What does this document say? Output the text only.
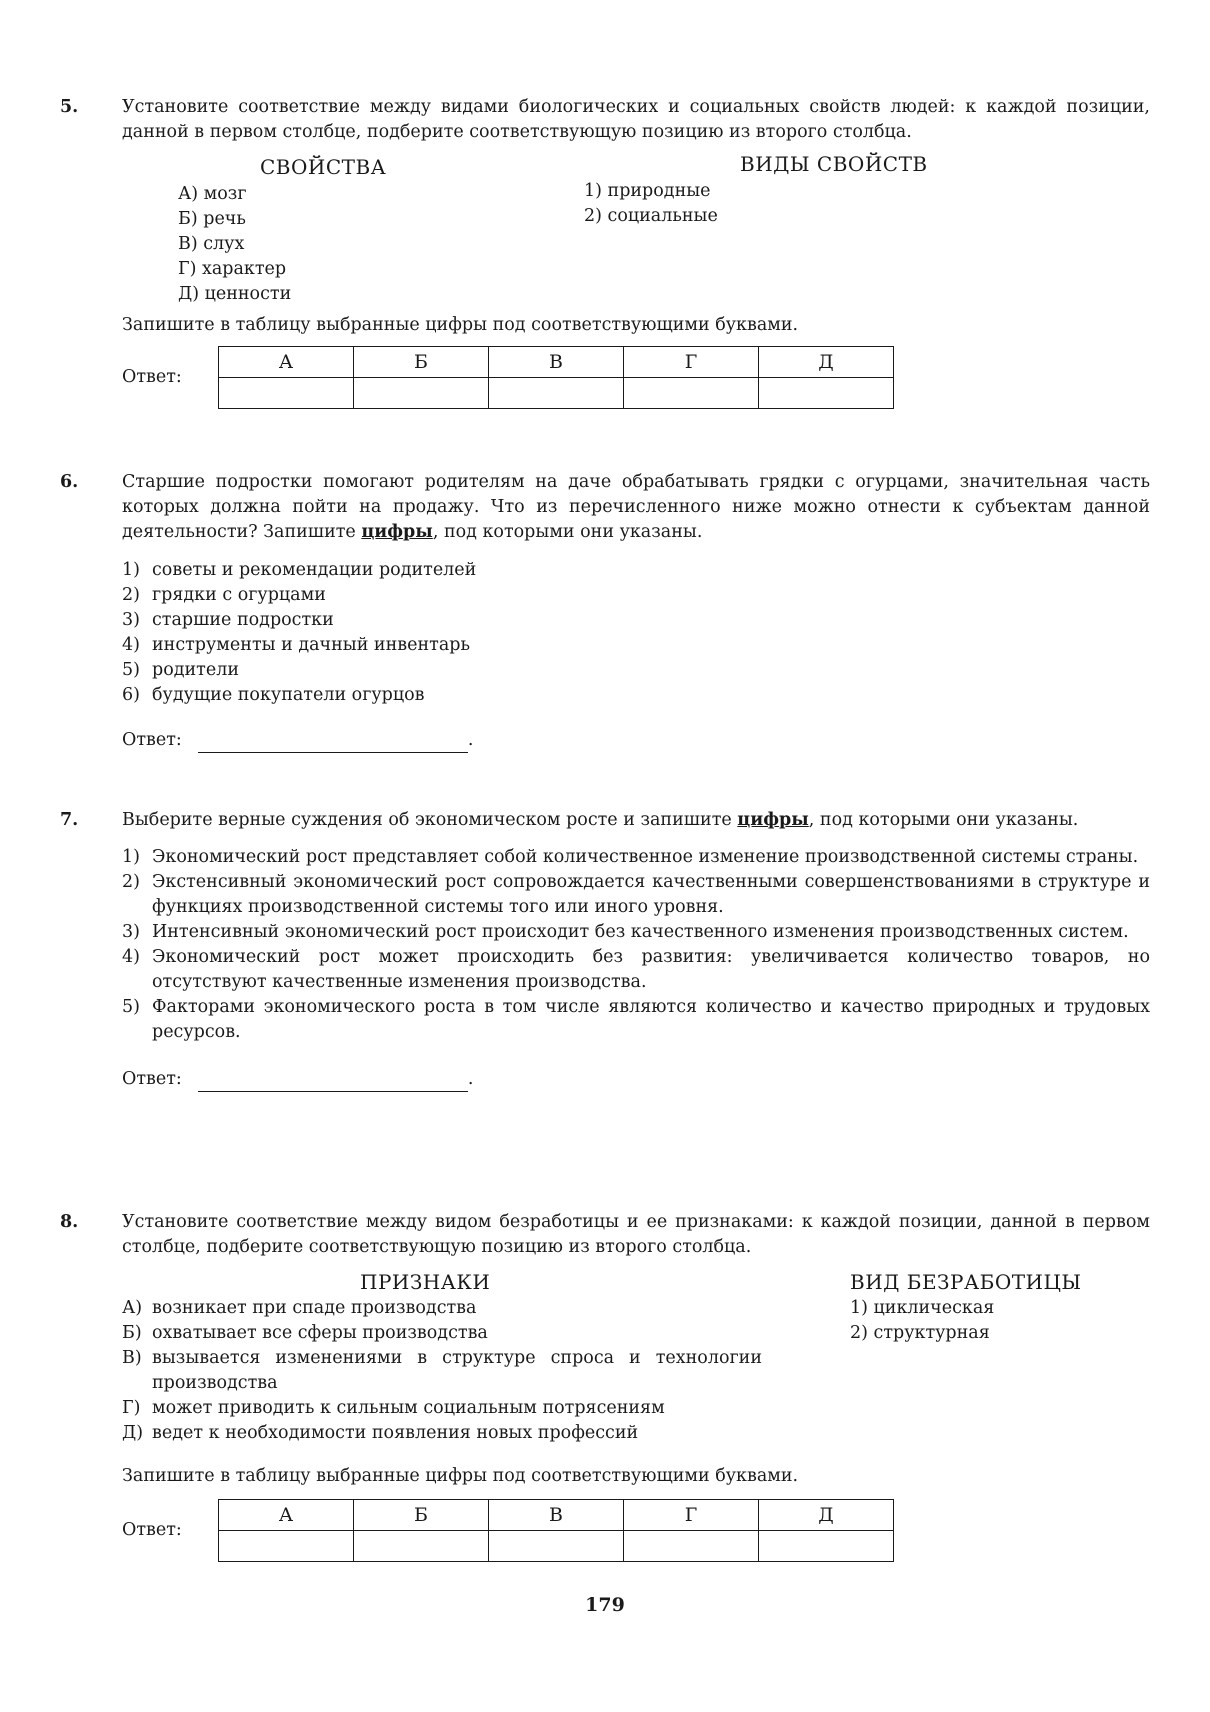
5. Установите соответствие между видами биологических и социальных свойств людей: к каждой позиции, данной в первом столбце, подберите соответствующую позицию из второго столбца.

СВОЙСТВА
А) мозг
Б) речь
В) слух
Г) характер
Д) ценности
ВИДЫ СВОЙСТВ
1) природные
2) социальные

Запишите в таблицу выбранные цифры под соответствующими буквами.

Ответ:
А	Б	В	Г	Д

6. Старшие подростки помогают родителям на даче обрабатывать грядки с огурцами, значительная часть которых должна пойти на продажу. Что из перечисленного ниже можно отнести к субъектам данной деятельности? Запишите цифры, под которыми они указаны.

1) советы и рекомендации родителей
2) грядки с огурцами
3) старшие подростки
4) инструменты и дачный инвентарь
5) родители
6) будущие покупатели огурцов
Ответ:	.
7. Выберите верные суждения об экономическом росте и запишите цифры, под которыми они указаны.

1) Экономический рост представляет собой количественное изменение производственной системы страны.
2) Экстенсивный экономический рост сопровождается качественными совершенствованиями в структуре и функциях производственной системы того или иного уровня.
3) Интенсивный экономический рост происходит без качественного изменения производственных систем.
4) Экономический рост может происходить без развития: увеличивается количество товаров, но отсутствуют качественные изменения производства.
5) Факторами экономического роста в том числе являются количество и качество природных и трудовых ресурсов.
Ответ:	.
8. Установите соответствие между видом безработицы и ее признаками: к каждой позиции, данной в первом столбце, подберите соответствующую позицию из второго столбца.

ПРИЗНАКИ
А) возникает при спаде производства
Б) охватывает все сферы производства
В) вызывается изменениями в структуре спроса и технологии производства
Г) может приводить к сильным социальным потрясениям
Д) ведет к необходимости появления новых профессий
ВИД БЕЗРАБОТИЦЫ
1) циклическая
2) структурная

Запишите в таблицу выбранные цифры под соответствующими буквами.

Ответ:
А	Б	В	Г	Д

179
